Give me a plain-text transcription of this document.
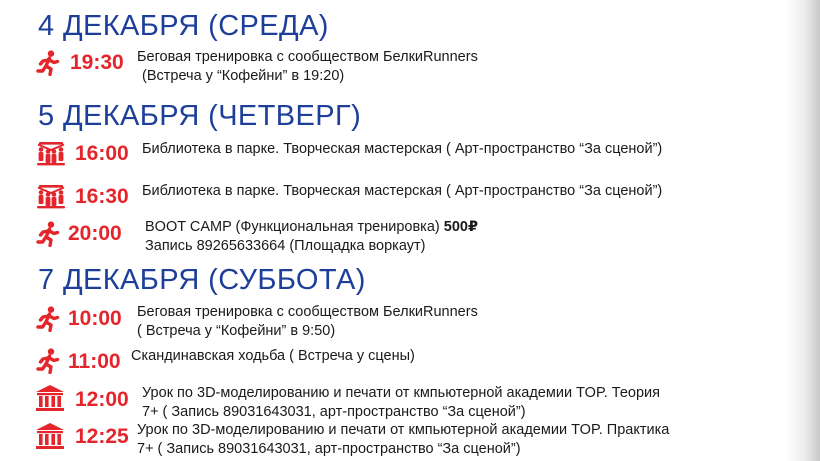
4 ДЕКАБРЯ (СРЕДА)
19:30 Беговая тренировка с сообществом БелкиRunners
(Встреча у “Кофейни” в 19:20)
5 ДЕКАБРЯ (ЧЕТВЕРГ)
16:00 Библиотека в парке. Творческая мастерская ( Арт-пространство “За сценой”)
16:30 Библиотека в парке. Творческая мастерская ( Арт-пространство “За сценой”)
20:00 BOOT CAMP (Функциональная тренировка) 500₽
Запись 89265633664 (Площадка воркаут)
7 ДЕКАБРЯ (СУББОТА)
10:00 Беговая тренировка с сообществом БелкиRunners
( Встреча у “Кофейни” в 9:50)
11:00 Скандинавская ходьба ( Встреча у сцены)
12:00 Урок по 3D-моделированию и печати от кмпьютерной академии TOP. Теория
7+ ( Запись 89031643031, арт-пространство “За сценой”)
12:25 Урок по 3D-моделированию и печати от кмпьютерной академии TOP. Практика
7+ ( Запись 89031643031, арт-пространство “За сценой”)
